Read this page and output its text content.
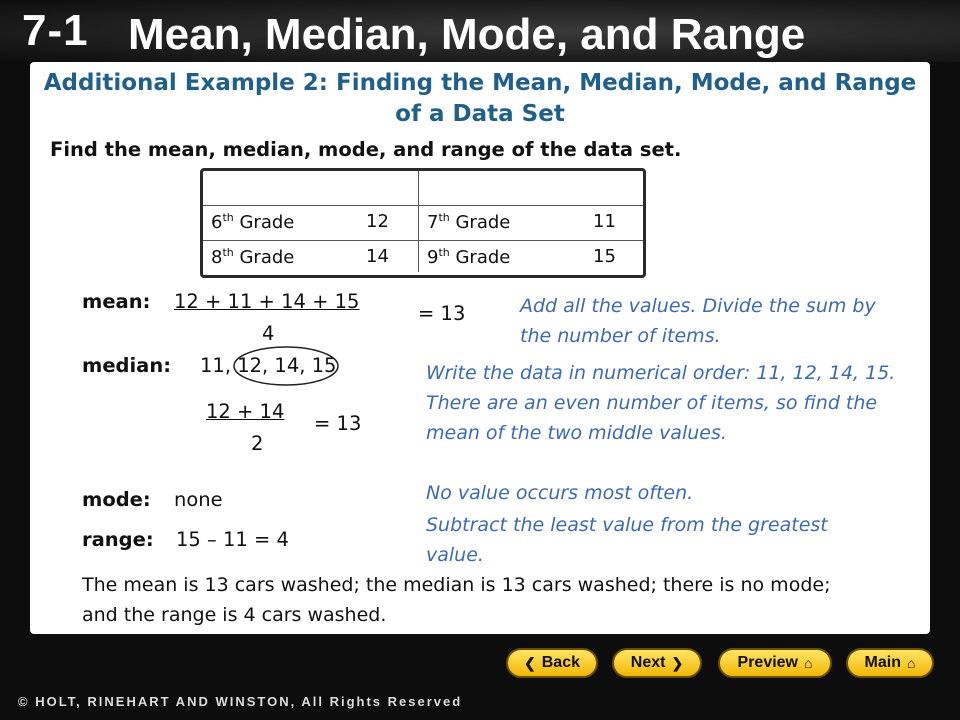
7-1 Mean, Median, Mode, and Range
Additional Example 2: Finding the Mean, Median, Mode, and Range of a Data Set
Find the mean, median, mode, and range of the data set.
6th Grade	12 7th Grade	11
8th Grade	14 9th Grade	15
mean: 12 + 11 + 14 + 15
4
= 13	Add all the values. Divide the sum by the number of items.
median: 11, 12, 14, 15
12 + 14
2
= 13
Write the data in numerical order: 11, 12, 14, 15. There are an even number of items, so find the mean of the two middle values.
mode: none	No value occurs most often.
range: 15 – 11 = 4
Subtract the least value from the greatest value.
The mean is 13 cars washed; the median is 13 cars washed; there is no mode; and the range is 4 cars washed.
❮ Back	Next ❯	Preview ⌂	Main ⌂
© HOLT, RINEHART AND WINSTON, All Rights Reserved
